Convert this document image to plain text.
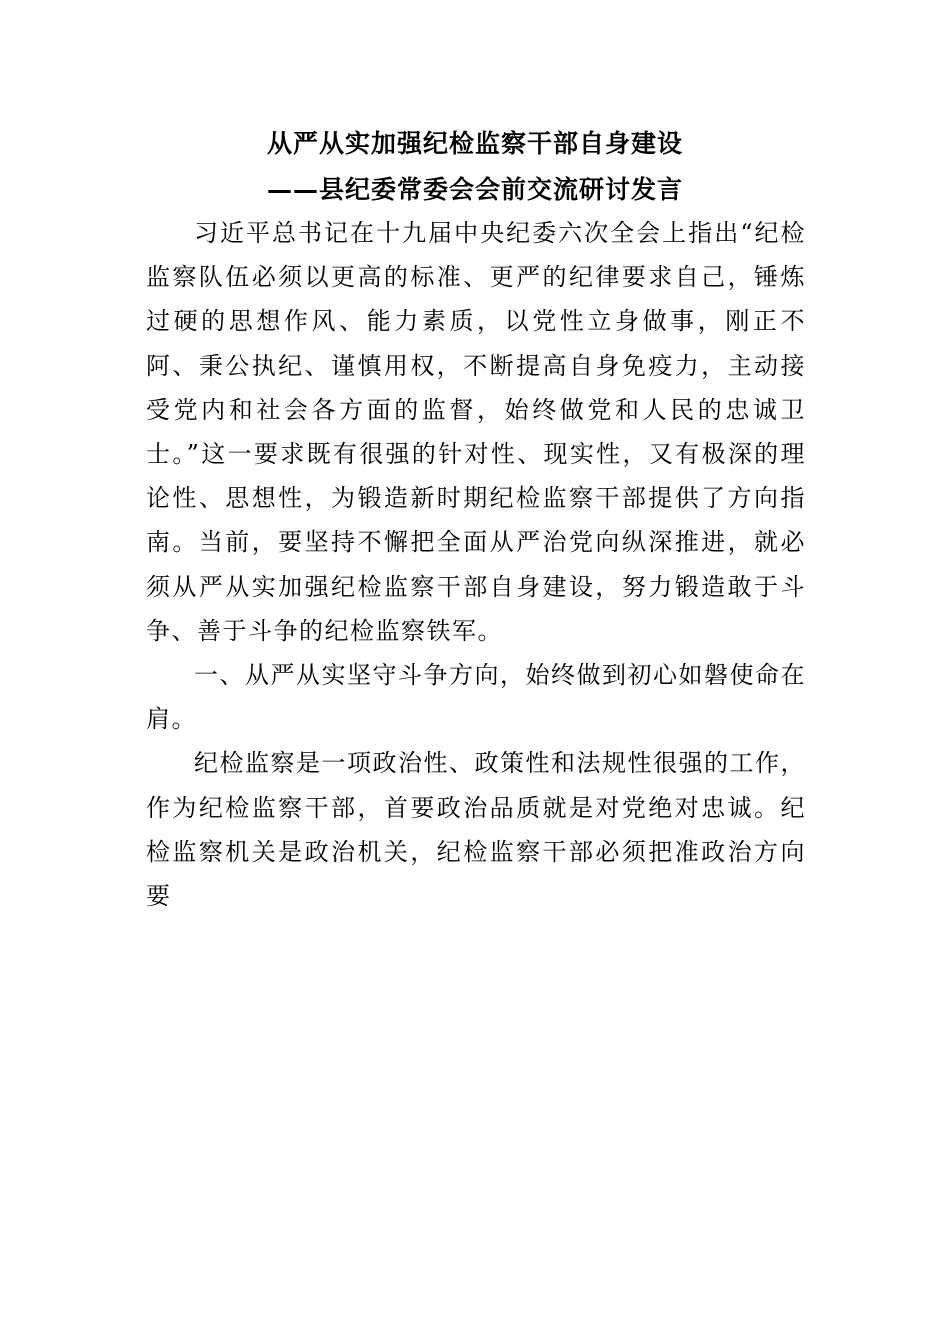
从严从实加强纪检监察干部自身建设
——县纪委常委会会前交流研讨发言

习近平总书记在十九届中央纪委六次全会上指出“纪检监察队伍必须以更高的标准、更严的纪律要求自己，锤炼过硬的思想作风、能力素质，以党性立身做事，刚正不阿、秉公执纪、谨慎用权，不断提高自身免疫力，主动接受党内和社会各方面的监督，始终做党和人民的忠诚卫士。”这一要求既有很强的针对性、现实性，又有极深的理论性、思想性，为锻造新时期纪检监察干部提供了方向指南。当前，要坚持不懈把全面从严治党向纵深推进，就必须从严从实加强纪检监察干部自身建设，努力锻造敢于斗争、善于斗争的纪检监察铁军。

一、从严从实坚守斗争方向，始终做到初心如磐使命在肩。

纪检监察是一项政治性、政策性和法规性很强的工作，作为纪检监察干部，首要政治品质就是对党绝对忠诚。纪检监察机关是政治机关，纪检监察干部必须把准政治方向要
